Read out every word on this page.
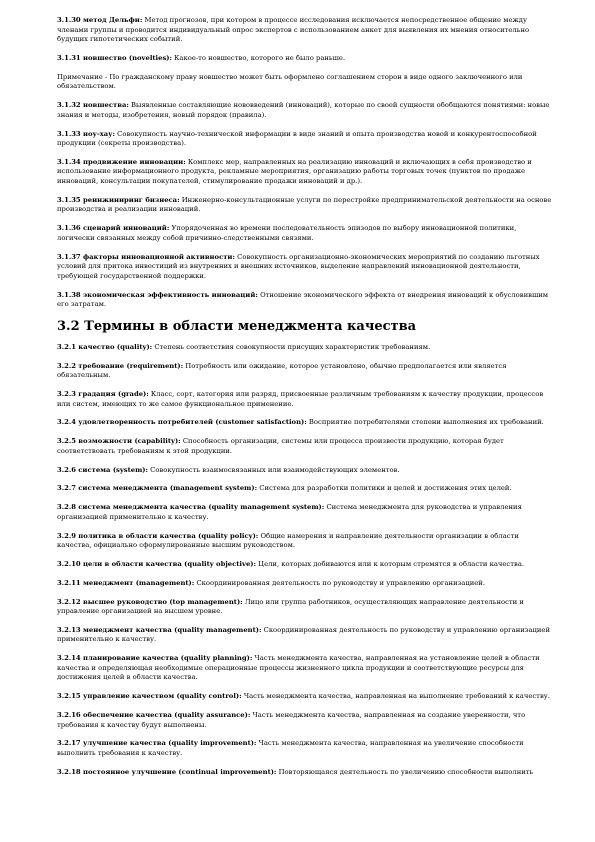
3.1.30 метод Дельфи: Метод прогнозов, при котором в процессе исследования исключается непосредственное общение между членами группы и проводится индивидуальный опрос экспертов с использованием анкет для выявления их мнения относительно будущих гипотетических событий.

3.1.31 новшество (novelties): Какое-то новшество, которого не было раньше.

Примечание - По гражданскому праву новшество может быть оформлено соглашением сторон в виде одного заключенного или обязательством.

3.1.32 новшества: Выявленные составляющие нововведений (инноваций), которые по своей сущности обобщаются понятиями: новые знания и методы, изобретения, новый порядок (правила).

3.1.33 ноу-хау: Совокупность научно-технической информации в виде знаний и опыта производства новой и конкурентоспособной продукции (секреты производства).

3.1.34 продвижение инновации: Комплекс мер, направленных на реализацию инноваций и включающих в себя производство и использование информационного продукта, рекламные мероприятия, организацию работы торговых точек (пунктов по продаже инноваций, консультации покупателей, стимулирование продажи инноваций и др.).

3.1.35 реинжиниринг бизнеса: Инженерно-консультационные услуги по перестройке предпринимательской деятельности на основе производства и реализации инноваций.

3.1.36 сценарий инноваций: Упорядоченная во времени последовательность эпизодов по выбору инновационной политики, логически связанных между собой причинно-следственными связями.

3.1.37 факторы инновационной активности: Совокупность организационно-экономических мероприятий по созданию льготных условий для притока инвестиций из внутренних и внешних источников, выделение направлений инновационной деятельности, требующей государственной поддержки.

3.1.38 экономическая эффективность инноваций: Отношение экономического эффекта от внедрения инноваций к обусловившим его затратам.

3.2 Термины в области менеджмента качества

3.2.1 качество (quality): Степень соответствия совокупности присущих характеристик требованиям.

3.2.2 требование (requirement): Потребность или ожидание, которое установлено, обычно предполагается или является обязательным.

3.2.3 градация (grade): Класс, сорт, категория или разряд, присвоенные различным требованиям к качеству продукции, процессов или систем, имеющих то же самое функциональное применение.

3.2.4 удовлетворенность потребителей (customer satisfaction): Восприятие потребителями степени выполнения их требований.

3.2.5 возможности (capability): Способность организации, системы или процесса произвести продукцию, которая будет соответствовать требованиям к этой продукции.

3.2.6 система (system): Совокупность взаимосвязанных или взаимодействующих элементов.

3.2.7 система менеджмента (management system): Система для разработки политики и целей и достижения этих целей.

3.2.8 система менеджмента качества (quality management system): Система менеджмента для руководства и управления организацией применительно к качеству.

3.2.9 политика в области качества (quality policy): Общие намерения и направление деятельности организации в области качества, официально сформулированные высшим руководством.

3.2.10 цели в области качества (quality objective): Цели, которых добиваются или к которым стремятся в области качества.

3.2.11 менеджмент (management): Скоординированная деятельность по руководству и управлению организацией.

3.2.12 высшее руководство (top management): Лицо или группа работников, осуществляющих направление деятельности и управление организацией на высшем уровне.

3.2.13 менеджмент качества (quality management): Скоординированная деятельность по руководству и управлению организацией применительно к качеству.

3.2.14 планирование качества (quality planning): Часть менеджмента качества, направленная на установление целей в области качества и определяющая необходимые операционные процессы жизненного цикла продукции и соответствующие ресурсы для достижения целей в области качества.

3.2.15 управление качеством (quality control): Часть менеджмента качества, направленная на выполнение требований к качеству.

3.2.16 обеспечение качества (quality assurance): Часть менеджмента качества, направленная на создание уверенности, что требования к качеству будут выполнены.

3.2.17 улучшение качества (quality improvement): Часть менеджмента качества, направленная на увеличение способности выполнить требования к качеству.

3.2.18 постоянное улучшение (continual improvement): Повторяющаяся деятельность по увеличению способности выполнить
